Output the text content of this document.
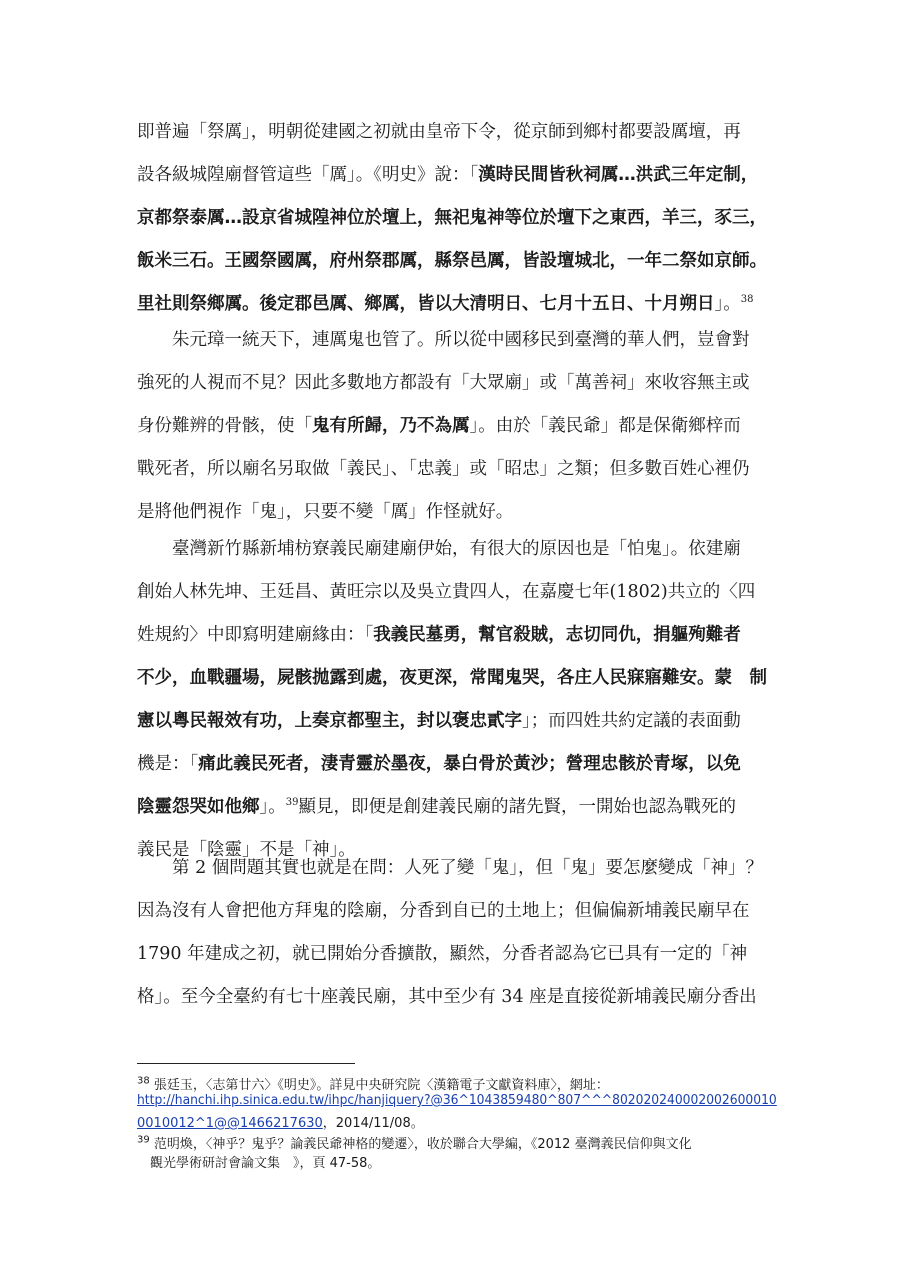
即普遍「祭厲」，明朝從建國之初就由皇帝下令，從京師到鄉村都要設厲壇，再
設各級城隍廟督管這些「厲」。《明史》說：「漢時民間皆秋祠厲…洪武三年定制，
京都祭泰厲…設京省城隍神位於壇上，無祀鬼神等位於壇下之東西，羊三，豕三，
飯米三石。王國祭國厲，府州祭郡厲，縣祭邑厲，皆設壇城北，一年二祭如京師。
里社則祭鄉厲。後定郡邑厲、鄉厲，皆以大清明日、七月十五日、十月朔日」。$^{38}$
　　朱元璋一統天下，連厲鬼也管了。所以從中國移民到臺灣的華人們，豈會對
強死的人視而不見？因此多數地方都設有「大眾廟」或「萬善祠」來收容無主或
身份難辨的骨骸，使「鬼有所歸，乃不為厲」。由於「義民爺」都是保衛鄉梓而
戰死者，所以廟名另取做「義民」、「忠義」或「昭忠」之類；但多數百姓心裡仍
是將他們視作「鬼」，只要不變「厲」作怪就好。
　　臺灣新竹縣新埔枋寮義民廟建廟伊始，有很大的原因也是「怕鬼」。依建廟
創始人林先坤、王廷昌、黃旺宗以及吳立貴四人，在嘉慶七年(1802)共立的〈四
姓規約〉中即寫明建廟緣由：「我義民墓勇，幫官殺賊，志切同仇，捐軀殉難者
不少，血戰疆場，屍骸拋露到處，夜更深，常聞鬼哭，各庄人民寐寤難安。蒙　制
憲以粵民報效有功，上奏京都聖主，封以褒忠貳字」；而四姓共約定議的表面動
機是：「痛此義民死者，淒青靈於墨夜，暴白骨於黃沙；營理忠骸於青塚，以免
陰靈怨哭如他鄉」。$^{39}$顯見，即便是創建義民廟的諸先賢，一開始也認為戰死的
義民是「陰靈」不是「神」。
　　第 2 個問題其實也就是在問：人死了變「鬼」，但「鬼」要怎麼變成「神」？
因為沒有人會把他方拜鬼的陰廟，分香到自已的土地上；但偏偏新埔義民廟早在
1790 年建成之初，就已開始分香擴散，顯然，分香者認為它已具有一定的「神
格」。至今全臺約有七十座義民廟，其中至少有 34 座是直接從新埔義民廟分香出
$^{38}$ 張廷玉，〈志第廿六〉《明史》。詳見中央研究院〈漢籍電子文獻資料庫〉，網址：
http://hanchi.ihp.sinica.edu.tw/ihpc/hanjiquery?@36^1043859480^807^^^802020240002002600010
0010012^1@@1466217630，2014/11/08。
$^{39}$ 范明煥，〈神乎？鬼乎？論義民爺神格的變遷〉，收於聯合大學編，《2012 臺灣義民信仰與文化
　觀光學術研討會論文集　》，頁 47-58。
